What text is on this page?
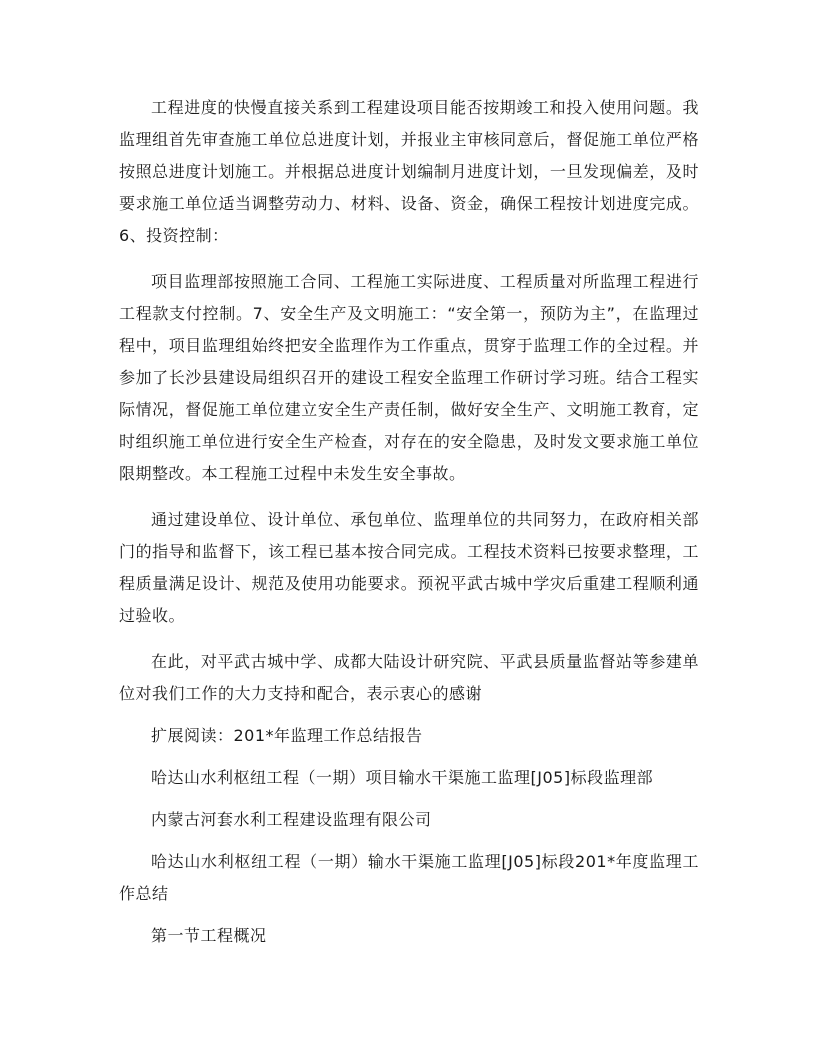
工程进度的快慢直接关系到工程建设项目能否按期竣工和投入使用问题。我监理组首先审查施工单位总进度计划，并报业主审核同意后，督促施工单位严格按照总进度计划施工。并根据总进度计划编制月进度计划，一旦发现偏差，及时要求施工单位适当调整劳动力、材料、设备、资金，确保工程按计划进度完成。6、投资控制：

项目监理部按照施工合同、工程施工实际进度、工程质量对所监理工程进行工程款支付控制。7、安全生产及文明施工：“安全第一，预防为主”，在监理过程中，项目监理组始终把安全监理作为工作重点，贯穿于监理工作的全过程。并参加了长沙县建设局组织召开的建设工程安全监理工作研讨学习班。结合工程实际情况，督促施工单位建立安全生产责任制，做好安全生产、文明施工教育，定时组织施工单位进行安全生产检查，对存在的安全隐患，及时发文要求施工单位限期整改。本工程施工过程中未发生安全事故。

通过建设单位、设计单位、承包单位、监理单位的共同努力，在政府相关部门的指导和监督下，该工程已基本按合同完成。工程技术资料已按要求整理，工程质量满足设计、规范及使用功能要求。预祝平武古城中学灾后重建工程顺利通过验收。

在此，对平武古城中学、成都大陆设计研究院、平武县质量监督站等参建单位对我们工作的大力支持和配合，表示衷心的感谢

扩展阅读：201*年监理工作总结报告

哈达山水利枢纽工程（一期）项目输水干渠施工监理[J05]标段监理部

内蒙古河套水利工程建设监理有限公司

哈达山水利枢纽工程（一期）输水干渠施工监理[J05]标段201*年度监理工作总结

第一节工程概况
